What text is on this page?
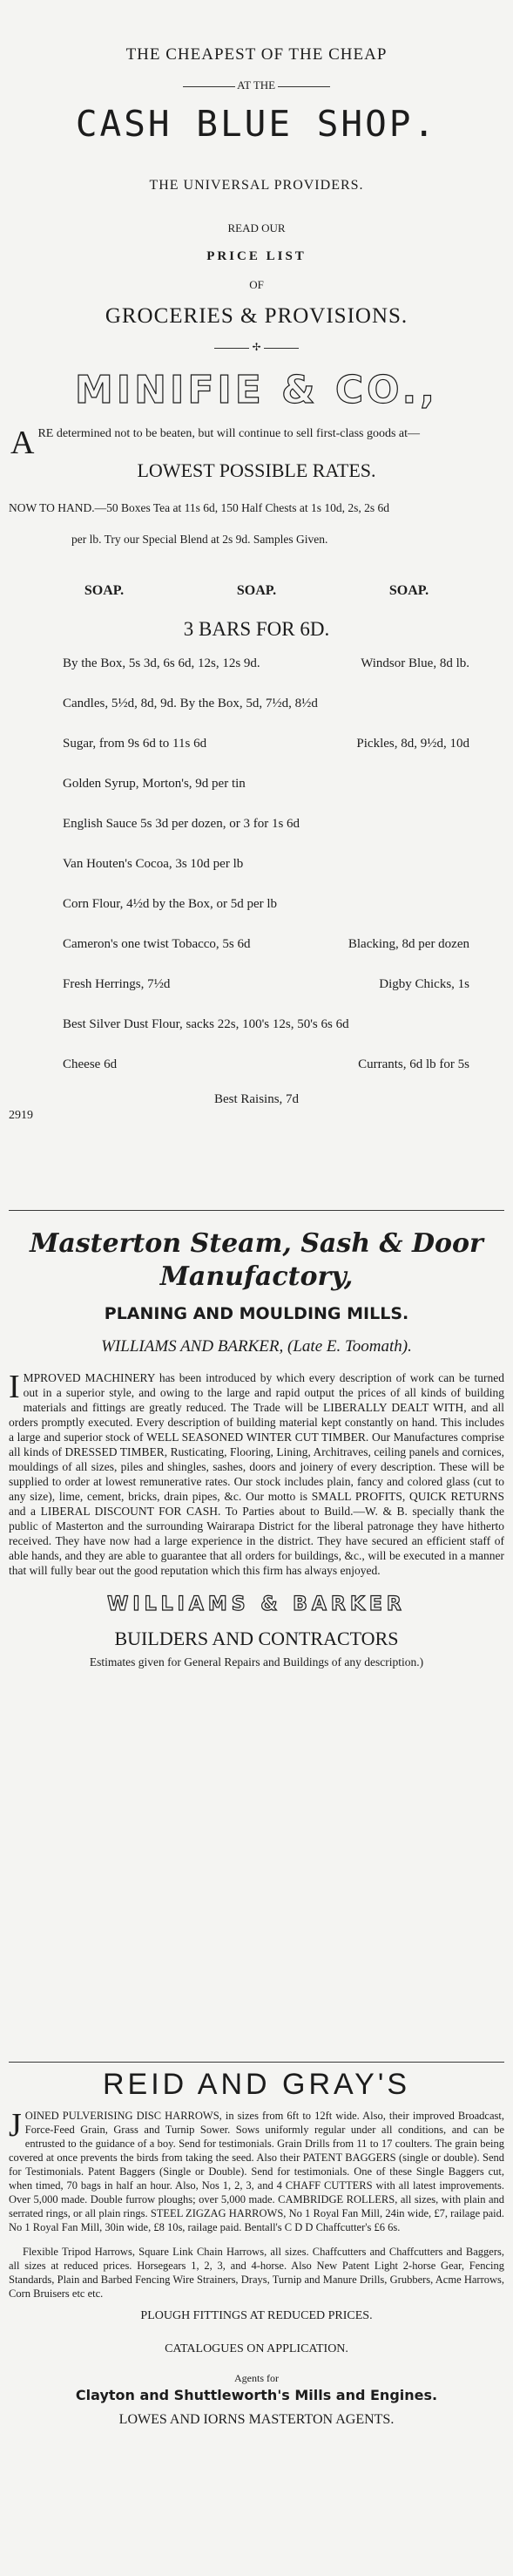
THE CHEAPEST OF THE CHEAP
AT THE
CASH BLUE SHOP.
THE UNIVERSAL PROVIDERS.
READ OUR
PRICE LIST
OF
GROCERIES & PROVISIONS.
✢
MINIFIE & CO.,
A RE determined not to be beaten, but will continue to sell first-class goods at—
LOWEST POSSIBLE RATES.
NOW TO HAND.—50 Boxes Tea at 11s 6d, 150 Half Chests at 1s 10d, 2s, 2s 6d
per lb. Try our Special Blend at 2s 9d. Samples Given.
SOAP.	SOAP.	SOAP.
3 BARS FOR 6D.
By the Box, 5s 3d, 6s 6d, 12s, 12s 9d.	Windsor Blue, 8d lb.
Candles, 5½d, 8d, 9d. By the Box, 5d, 7½d, 8½d
Sugar, from 9s 6d to 11s 6d	Pickles, 8d, 9½d, 10d
Golden Syrup, Morton's, 9d per tin
English Sauce 5s 3d per dozen, or 3 for 1s 6d
Van Houten's Cocoa, 3s 10d per lb
Corn Flour, 4½d by the Box, or 5d per lb
Cameron's one twist Tobacco, 5s 6d	Blacking, 8d per dozen
Fresh Herrings, 7½d	Digby Chicks, 1s
Best Silver Dust Flour, sacks 22s, 100's 12s, 50's 6s 6d
Cheese 6d	Currants, 6d lb for 5s
Best Raisins, 7d
2919
Masterton Steam, Sash & Door
Manufactory,
PLANING AND MOULDING MILLS.
WILLIAMS AND BARKER, (Late E. Toomath).
I MPROVED MACHINERY has been introduced by which every description of work can be turned out in a superior style, and owing to the large and rapid output the prices of all kinds of building materials and fittings are greatly reduced. The Trade will be LIBERALLY DEALT WITH, and all orders promptly executed. Every description of building material kept constantly on hand. This includes a large and superior stock of WELL SEASONED WINTER CUT TIMBER. Our Manufactures comprise all kinds of DRESSED TIMBER, Rusticating, Flooring, Lining, Architraves, ceiling panels and cornices, mouldings of all sizes, piles and shingles, sashes, doors and joinery of every description. These will be supplied to order at lowest remunerative rates. Our stock includes plain, fancy and colored glass (cut to any size), lime, cement, bricks, drain pipes, &c. Our motto is SMALL PROFITS, QUICK RETURNS and a LIBERAL DISCOUNT FOR CASH. To Parties about to Build.—W. & B. specially thank the public of Masterton and the surrounding Wairarapa District for the liberal patronage they have hitherto received. They have now had a large experience in the district. They have secured an efficient staff of able hands, and they are able to guarantee that all orders for buildings, &c., will be executed in a manner that will fully bear out the good reputation which this firm has always enjoyed.
WILLIAMS & BARKER
BUILDERS AND CONTRACTORS
Estimates given for General Repairs and Buildings of any description.)
REID AND GRAY'S
J OINED PULVERISING DISC HARROWS, in sizes from 6ft to 12ft wide. Also, their improved Broadcast, Force-Feed Grain, Grass and Turnip Sower. Sows uniformly regular under all conditions, and can be entrusted to the guidance of a boy. Send for testimonials. Grain Drills from 11 to 17 coulters. The grain being covered at once prevents the birds from taking the seed. Also their PATENT BAGGERS (single or double). Send for Testimonials. Patent Baggers (Single or Double). Send for testimonials. One of these Single Baggers cut, when timed, 70 bags in half an hour. Also, Nos 1, 2, 3, and 4 CHAFF CUTTERS with all latest improvements. Over 5,000 made. Double furrow ploughs; over 5,000 made. CAMBRIDGE ROLLERS, all sizes, with plain and serrated rings, or all plain rings. STEEL ZIGZAG HARROWS, No 1 Royal Fan Mill, 24in wide, £7, railage paid. No 1 Royal Fan Mill, 30in wide, £8 10s, railage paid. Bentall's C D D Chaffcutter's £6 6s.
Flexible Tripod Harrows, Square Link Chain Harrows, all sizes. Chaffcutters and Chaffcutters and Baggers, all sizes at reduced prices. Horsegears 1, 2, 3, and 4-horse. Also New Patent Light 2-horse Gear, Fencing Standards, Plain and Barbed Fencing Wire Strainers, Drays, Turnip and Manure Drills, Grubbers, Acme Harrows, Corn Bruisers etc etc.
PLOUGH FITTINGS AT REDUCED PRICES.
CATALOGUES ON APPLICATION.
Agents for
Clayton and Shuttleworth's Mills and Engines.
LOWES AND IORNS MASTERTON AGENTS.
